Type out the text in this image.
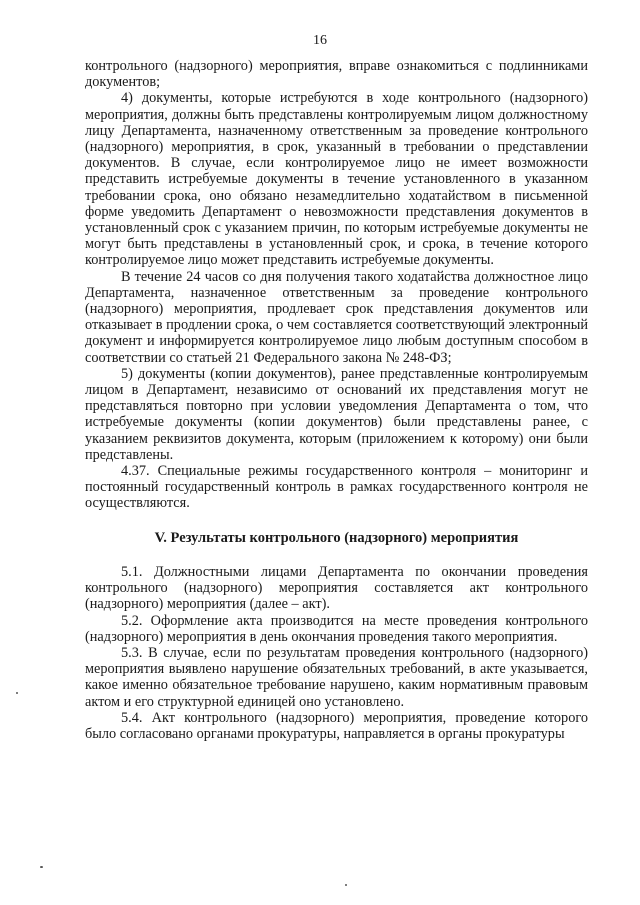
16

контрольного (надзорного) мероприятия, вправе ознакомиться с подлинниками документов;

4) документы, которые истребуются в ходе контрольного (надзорного) мероприятия, должны быть представлены контролируемым лицом должностному лицу Департамента, назначенному ответственным за проведение контрольного (надзорного) мероприятия, в срок, указанный в требовании о представлении документов. В случае, если контролируемое лицо не имеет возможности представить истребуемые документы в течение установленного в указанном требовании срока, оно обязано незамедлительно ходатайством в письменной форме уведомить Департамент о невозможности представления документов в установленный срок с указанием причин, по которым истребуемые документы не могут быть представлены в установленный срок, и срока, в течение которого контролируемое лицо может представить истребуемые документы.

В течение 24 часов со дня получения такого ходатайства должностное лицо Департамента, назначенное ответственным за проведение контрольного (надзорного) мероприятия, продлевает срок представления документов или отказывает в продлении срока, о чем составляется соответствующий электронный документ и информируется контролируемое лицо любым доступным способом в соответствии со статьей 21 Федерального закона № 248-ФЗ;

5) документы (копии документов), ранее представленные контролируемым лицом в Департамент, независимо от оснований их представления могут не представляться повторно при условии уведомления Департамента о том, что истребуемые документы (копии документов) были представлены ранее, с указанием реквизитов документа, которым (приложением к которому) они были представлены.

4.37. Специальные режимы государственного контроля – мониторинг и постоянный государственный контроль в рамках государственного контроля не осуществляются.

V. Результаты контрольного (надзорного) мероприятия

5.1. Должностными лицами Департамента по окончании проведения контрольного (надзорного) мероприятия составляется акт контрольного (надзорного) мероприятия (далее – акт).

5.2. Оформление акта производится на месте проведения контрольного (надзорного) мероприятия в день окончания проведения такого мероприятия.

5.3. В случае, если по результатам проведения контрольного (надзорного) мероприятия выявлено нарушение обязательных требований, в акте указывается, какое именно обязательное требование нарушено, каким нормативным правовым актом и его структурной единицей оно установлено.

5.4. Акт контрольного (надзорного) мероприятия, проведение которого было согласовано органами прокуратуры, направляется в органы прокуратуры
